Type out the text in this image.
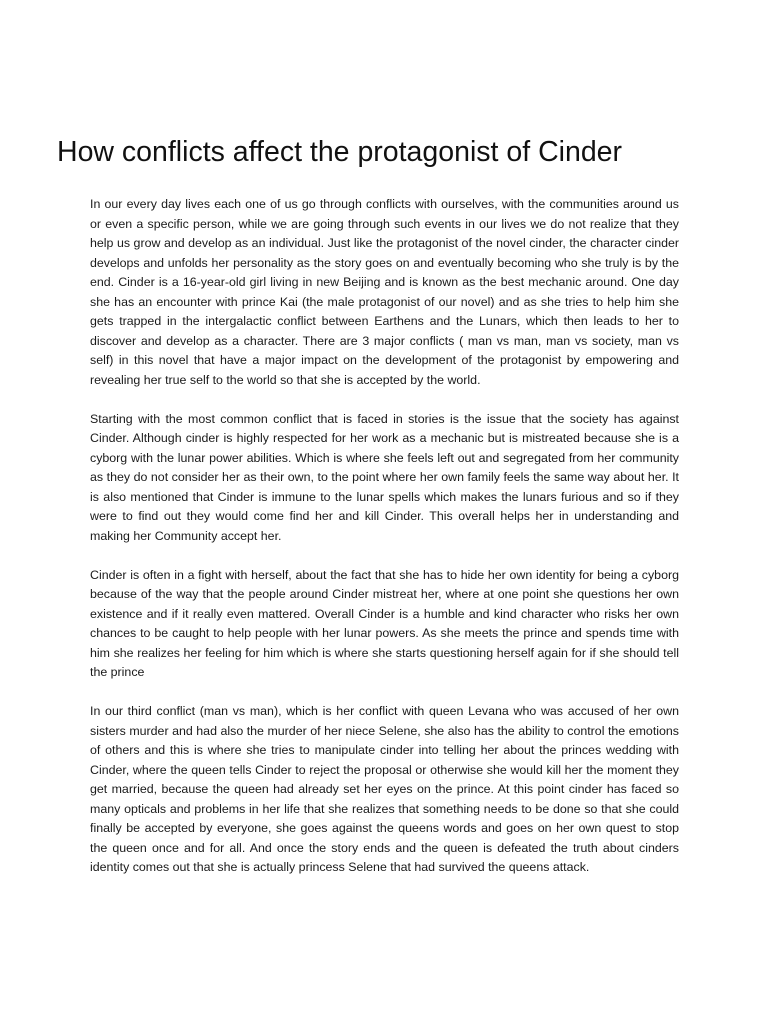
How conflicts affect the protagonist of Cinder

In our every day lives each one of us go through conflicts with ourselves, with the communities around us or even a specific person, while we are going through such events in our lives we do not realize that they help us grow and develop as an individual. Just like the protagonist of the novel cinder, the character cinder develops and unfolds her personality as the story goes on and eventually becoming who she truly is by the end. Cinder is a 16-year-old girl living in new Beijing and is known as the best mechanic around. One day she has an encounter with prince Kai (the male protagonist of our novel) and as she tries to help him she gets trapped in the intergalactic conflict between Earthens and the Lunars, which then leads to her to discover and develop as a character. There are 3 major conflicts ( man vs man, man vs society, man vs self) in this novel that have a major impact on the development of the protagonist by empowering and revealing her true self to the world so that she is accepted by the world.

Starting with the most common conflict that is faced in stories is the issue that the society has against Cinder. Although cinder is highly respected for her work as a mechanic but is mistreated because she is a cyborg with the lunar power abilities. Which is where she feels left out and segregated from her community as they do not consider her as their own, to the point where her own family feels the same way about her. It is also mentioned that Cinder is immune to the lunar spells which makes the lunars furious and so if they were to find out they would come find her and kill Cinder. This overall helps her in understanding and making her Community accept her.

Cinder is often in a fight with herself, about the fact that she has to hide her own identity for being a cyborg because of the way that the people around Cinder mistreat her, where at one point she questions her own existence and if it really even mattered. Overall Cinder is a humble and kind character who risks her own chances to be caught to help people with her lunar powers. As she meets the prince and spends time with him she realizes her feeling for him which is where she starts questioning herself again for if she should tell the prince

In our third conflict (man vs man), which is her conflict with queen Levana who was accused of her own sisters murder and had also the murder of her niece Selene, she also has the ability to control the emotions of others and this is where she tries to manipulate cinder into telling her about the princes wedding with Cinder, where the queen tells Cinder to reject the proposal or otherwise she would kill her the moment they get married, because the queen had already set her eyes on the prince. At this point cinder has faced so many opticals and problems in her life that she realizes that something needs to be done so that she could finally be accepted by everyone, she goes against the queens words and goes on her own quest to stop the queen once and for all. And once the story ends and the queen is defeated the truth about cinders identity comes out that she is actually princess Selene that had survived the queens attack.
